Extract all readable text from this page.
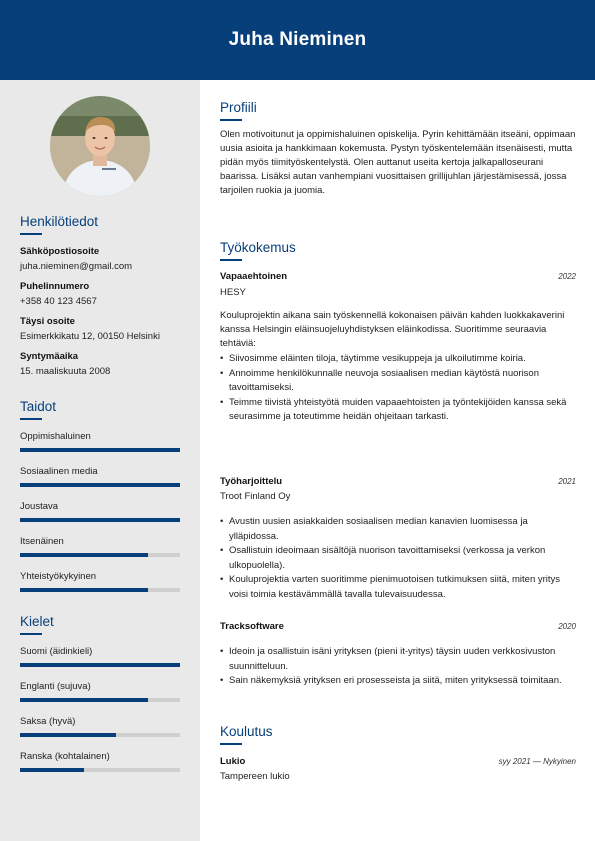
Juha Nieminen
Henkilötiedot
Sähköpostiosoite
juha.nieminen@gmail.com
Puhelinnumero
+358 40 123 4567
Täysi osoite
Esimerkkikatu 12, 00150 Helsinki
Syntymäaika
15. maaliskuuta 2008
Taidot
Oppimishaluinen
Sosiaalinen media
Joustava
Itsenäinen
Yhteistyökykyinen
Kielet
Suomi (äidinkieli)
Englanti (sujuva)
Saksa (hyvä)
Ranska (kohtalainen)
Profiili

Olen motivoitunut ja oppimishaluinen opiskelija. Pyrin kehittämään itseäni, oppimaan uusia asioita ja hankkimaan kokemusta. Pystyn työskentelemään itsenäisesti, mutta pidän myös tiimityöskentelystä. Olen auttanut useita kertoja jalkapalloseurani baarissa. Lisäksi autan vanhempiani vuosittaisen grillijuhlan järjestämisessä, jossa tarjoilen ruokia ja juomia.

Työkokemus
Vapaaehtoinen	2022
HESY

Kouluprojektin aikana sain työskennellä kokonaisen päivän kahden luokkakaverini kanssa Helsingin eläinsuojeluyhdistyksen eläinkodissa. Suoritimme seuraavia tehtäviä:

• Siivosimme eläinten tiloja, täytimme vesikuppeja ja ulkoilutimme koiria.
• Annoimme henkilökunnalle neuvoja sosiaalisen median käytöstä nuorison tavoittamiseksi.
• Teimme tiivistä yhteistyötä muiden vapaaehtoisten ja työntekijöiden kanssa sekä seurasimme ja toteutimme heidän ohjeitaan tarkasti.
Työharjoittelu	2021
Troot Finland Oy
• Avustin uusien asiakkaiden sosiaalisen median kanavien luomisessa ja ylläpidossa.
• Osallistuin ideoimaan sisältöjä nuorison tavoittamiseksi (verkossa ja verkon ulkopuolella).
• Kouluprojektia varten suoritimme pienimuotoisen tutkimuksen siitä, miten yritys voisi toimia kestävämmällä tavalla tulevaisuudessa.
Tracksoftware	2020
• Ideoin ja osallistuin isäni yrityksen (pieni it-yritys) täysin uuden verkkosivuston suunnitteluun.
• Sain näkemyksiä yrityksen eri prosesseista ja siitä, miten yrityksessä toimitaan.
Koulutus
Lukio	syy 2021 — Nykyinen
Tampereen lukio
